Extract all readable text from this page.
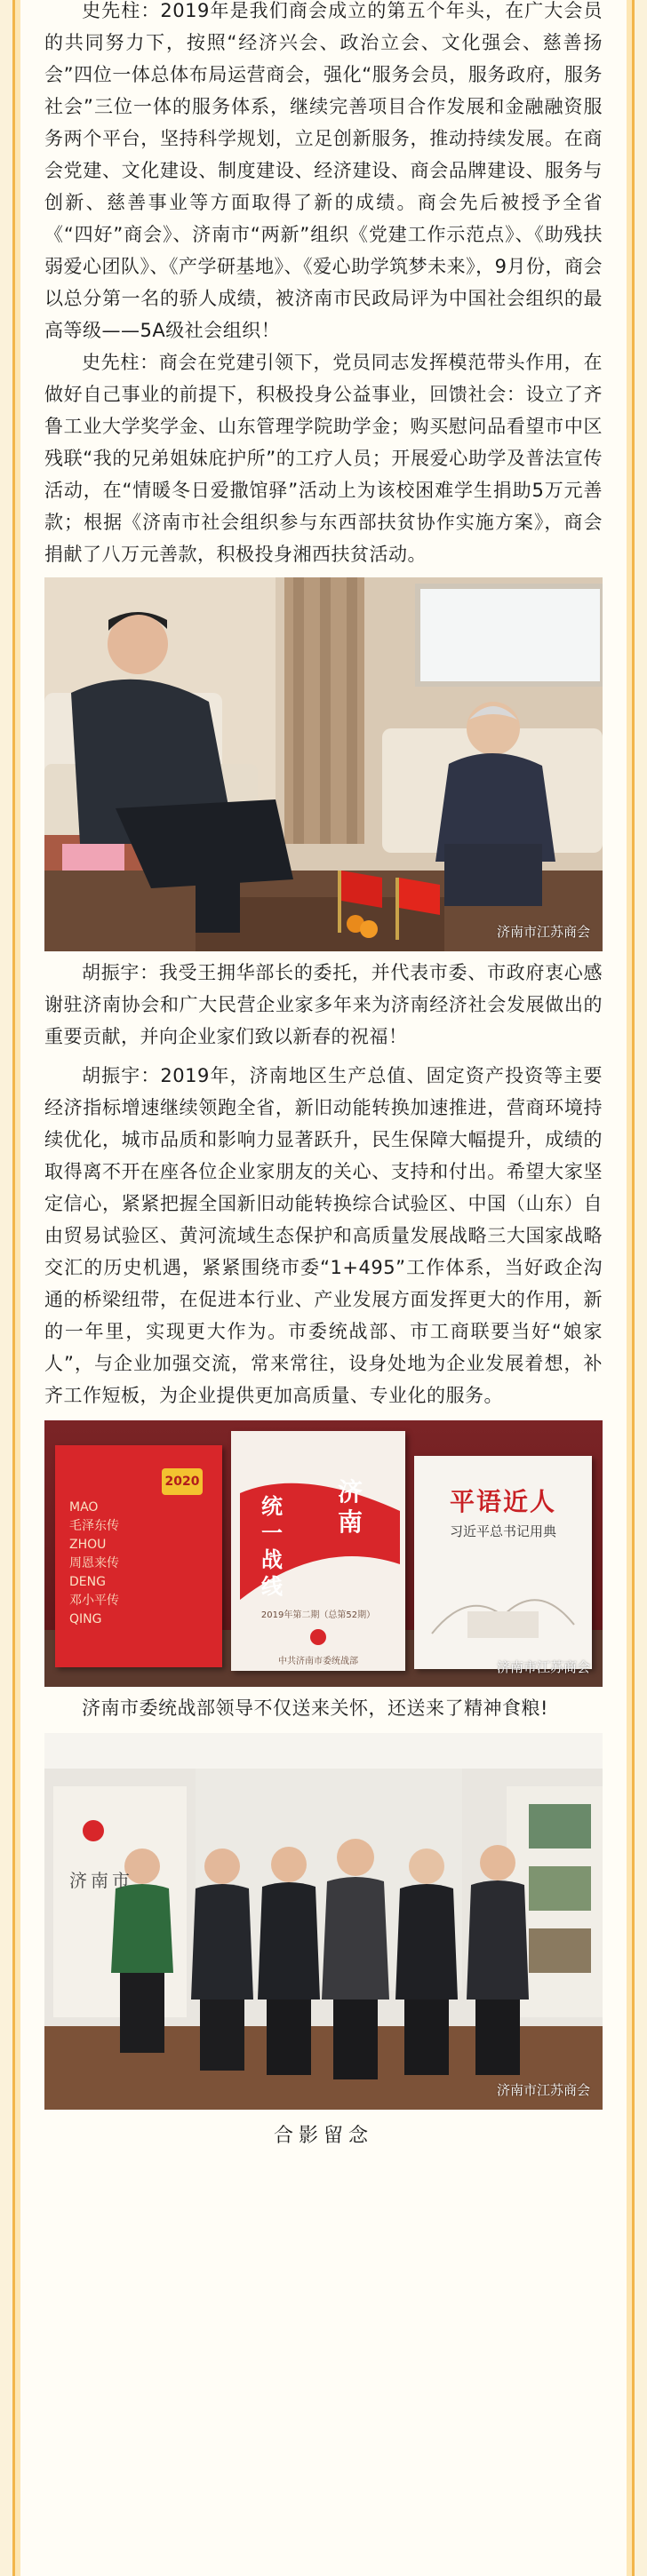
史先柱：2019年是我们商会成立的第五个年头，在广大会员的共同努力下，按照“经济兴会、政治立会、文化强会、慈善扬会”四位一体总体布局运营商会，强化“服务会员，服务政府，服务社会”三位一体的服务体系，继续完善项目合作发展和金融融资服务两个平台，坚持科学规划，立足创新服务，推动持续发展。在商会党建、文化建设、制度建设、经济建设、商会品牌建设、服务与创新、慈善事业等方面取得了新的成绩。商会先后被授予全省《“四好”商会》、济南市“两新”组织《党建工作示范点》、《助残扶弱爱心团队》、《产学研基地》、《爱心助学筑梦未来》，9月份，商会以总分第一名的骄人成绩，被济南市民政局评为中国社会组织的最高等级——5A级社会组织！

史先柱：商会在党建引领下，党员同志发挥模范带头作用，在做好自己事业的前提下，积极投身公益事业，回馈社会：设立了齐鲁工业大学奖学金、山东管理学院助学金；购买慰问品看望市中区残联“我的兄弟姐妹庇护所”的工疗人员；开展爱心助学及普法宣传活动，在“情暖冬日爱撒馆驿”活动上为该校困难学生捐助5万元善款；根据《济南市社会组织参与东西部扶贫协作实施方案》，商会捐献了八万元善款，积极投身湘西扶贫活动。

济南市江苏商会

胡振宇：我受王拥华部长的委托，并代表市委、市政府衷心感谢驻济南协会和广大民营企业家多年来为济南经济社会发展做出的重要贡献，并向企业家们致以新春的祝福！

胡振宇：2019年，济南地区生产总值、固定资产投资等主要经济指标增速继续领跑全省，新旧动能转换加速推进，营商环境持续优化，城市品质和影响力显著跃升，民生保障大幅提升，成绩的取得离不开在座各位企业家朋友的关心、支持和付出。希望大家坚定信心，紧紧把握全国新旧动能转换综合试验区、中国（山东）自由贸易试验区、黄河流域生态保护和高质量发展战略三大国家战略交汇的历史机遇，紧紧围绕市委“1+495”工作体系，当好政企沟通的桥梁纽带，在促进本行业、产业发展方面发挥更大的作用，新的一年里，实现更大作为。市委统战部、市工商联要当好“娘家人”，与企业加强交流，常来常往，设身处地为企业发展着想，补齐工作短板，为企业提供更加高质量、专业化的服务。

2020
MAO
毛泽东传
ZHOU
周恩来传
DENG
邓小平传
QING
统一战线
济南
2019年第二期（总第52期）
中共济南市委统战部
平语近人
习近平总书记用典
济南市江苏商会

济南市委统战部领导不仅送来关怀，还送来了精神食粮!

济南市
济南市江苏商会
合影留念
